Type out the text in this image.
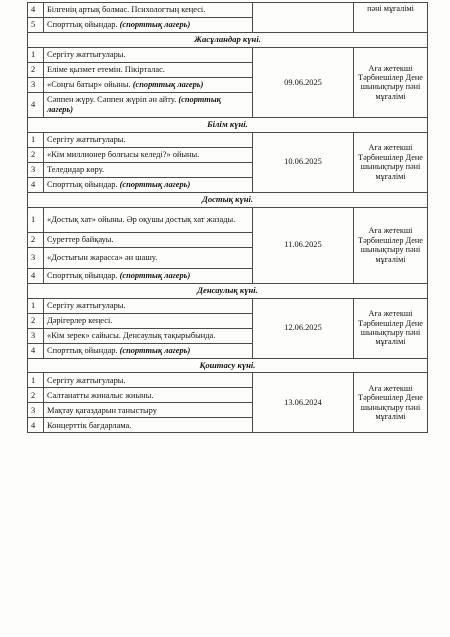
4	Білгенің артық болмас. Психологтың кеңесі.		пәні мұғалімі
5	Спорттық ойындар. (спорттық лагерь)		
Жасұландар күні.			
1	Сергіту жаттығулары.	09.06.2025	Аға жетекші Тәрбиешілер Дене шынықтыру пәні мұғалімі
2	Еліме қызмет етемін. Пікірталас.		
3	«Соңғы батыр» ойыны. (спорттық лагерь)		
4	Сәппен жүру. Сәппен жүріп ән айту. (спорттық лагерь)		
Білім күні.			
1	Сергіту жаттығулары.	10.06.2025	Аға жетекші Тәрбиешілер Дене шынықтыру пәні мұғалімі
2	«Кім миллионер болғысы келеді?» ойыны.		
3	Теледидар көру.		
4	Спорттық ойындар. (спорттық лагерь)		
Достық күні.			
1	«Достық хат» ойыны. Әр оқушы достық хат жазады.	11.06.2025	Аға жетекші Тәрбиешілер Дене шынықтыру пәні мұғалімі
2	Суреттер байқауы.		
3	«Достығын жарасса» ән шашу.		
4	Спорттық ойындар. (спорттық лагерь)		
Денсаулық күні.			
1	Сергіту жаттығулары.	12.06.2025	Аға жетекші Тәрбиешілер Дене шынықтыру пәні мұғалімі
2	Дәрігерлер кеңесі.		
3	«Кім зерек» сайысы. Денсаулық тақырыбында.		
4	Спорттық ойындар. (спорттық лагерь)		
Қоштасу күні.			
1	Сергіту жаттығулары.	13.06.2024	Аға жетекші Тәрбиешілер Дене шынықтыру пәні мұғалімі
2	Салтанатты жиналыс жиыны.		
3	Мақтау қағаздарын таныстыру		
4	Концерттік бағдарлама.		
